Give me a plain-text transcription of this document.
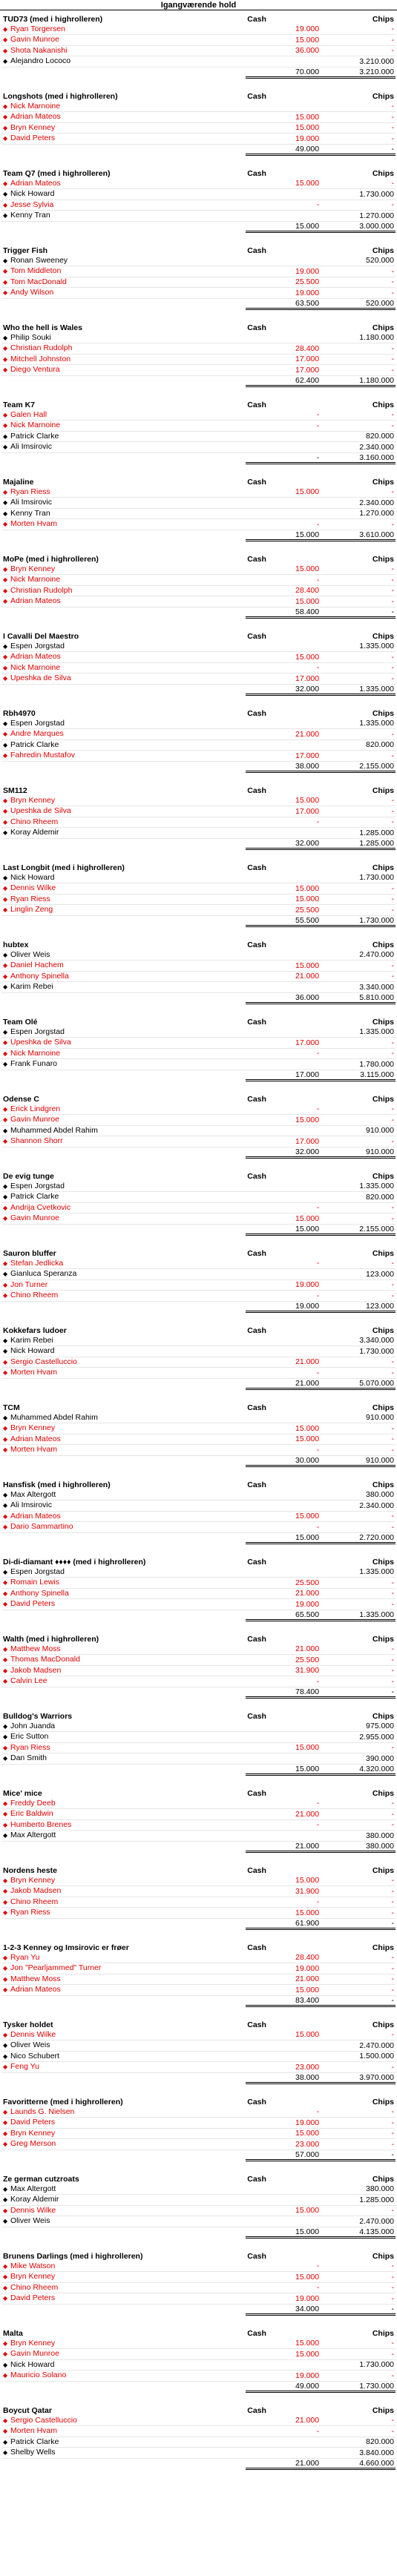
Igangværende hold
TUD73 (med i highrolleren)	Cash	Chips
◆ Ryan Torgersen	19.000	-
◆ Gavin Munroe	15.000	-
◆ Shota Nakanishi	36.000	-
◆ Alejandro Lococo		3.210.000
	70.000	3.210.000
Longshots (med i highrolleren)	Cash	Chips
◆ Nick Marnoine		-
◆ Adrian Mateos	15.000	-
◆ Bryn Kenney	15.000	-
◆ David Peters	19.000	-
	49.000	-
Team Q7 (med i highrolleren)	Cash	Chips
◆ Adrian Mateos	15.000	-
◆ Nick Howard		1.730.000
◆ Jesse Sylvia	-	-
◆ Kenny Tran		1.270.000
	15.000	3.000.000
Trigger Fish	Cash	Chips
◆ Ronan Sweeney		520.000
◆ Tom Middleton	19.000	-
◆ Tom MacDonald	25.500	-
◆ Andy Wilson	19.000	-
	63.500	520.000
Who the hell is Wales	Cash	Chips
◆ Philip Souki		1.180.000
◆ Christian Rudolph	28.400	-
◆ Mitchell Johnston	17.000	-
◆ Diego Ventura	17.000	-
	62.400	1.180.000
Team K7	Cash	Chips
◆ Galen Hall	-	-
◆ Nick Marnoine	-	-
◆ Patrick Clarke		820.000
◆ Ali Imsirovic		2.340.000
	-	3.160.000
Majaline	Cash	Chips
◆ Ryan Riess	15.000	-
◆ Ali Imsirovic		2.340.000
◆ Kenny Tran		1.270.000
◆ Morten Hvam	-	-
	15.000	3.610.000
MoPe (med i highrolleren)	Cash	Chips
◆ Bryn Kenney	15.000	-
◆ Nick Marnoine	-	-
◆ Christian Rudolph	28.400	-
◆ Adrian Mateos	15.000	-
	58.400	-
I Cavalli Del Maestro	Cash	Chips
◆ Espen Jorgstad		1.335.000
◆ Adrian Mateos	15.000	-
◆ Nick Marnoine	-	-
◆ Upeshka de Silva	17.000	-
	32.000	1.335.000
Rbh4970	Cash	Chips
◆ Espen Jorgstad		1.335.000
◆ Andre Marques	21.000	-
◆ Patrick Clarke		820.000
◆ Fahredin Mustafov	17.000	-
	38.000	2.155.000
SM112	Cash	Chips
◆ Bryn Kenney	15.000	-
◆ Upeshka de Silva	17.000	-
◆ Chino Rheem	-	-
◆ Koray Aldemir		1.285.000
	32.000	1.285.000
Last Longbit (med i highrolleren)	Cash	Chips
◆ Nick Howard		1.730.000
◆ Dennis Wilke	15.000	-
◆ Ryan Riess	15.000	-
◆ Linglin Zeng	25.500	-
	55.500	1.730.000
hubtex	Cash	Chips
◆ Oliver Weis		2.470.000
◆ Daniel Hachem	15.000	-
◆ Anthony Spinella	21.000	-
◆ Karim Rebei		3.340.000
	36.000	5.810.000
Team Olé	Cash	Chips
◆ Espen Jorgstad		1.335.000
◆ Upeshka de Silva	17.000	-
◆ Nick Marnoine	-	-
◆ Frank Funaro		1.780.000
	17.000	3.115.000
Odense C	Cash	Chips
◆ Erick Lindgren	-	-
◆ Gavin Munroe	15.000	-
◆ Muhammed Abdel Rahim		910.000
◆ Shannon Shorr	17.000	-
	32.000	910.000
De evig tunge	Cash	Chips
◆ Espen Jorgstad		1.335.000
◆ Patrick Clarke		820.000
◆ Andrija Cvetkovic	-	-
◆ Gavin Munroe	15.000	-
	15.000	2.155.000
Sauron bluffer	Cash	Chips
◆ Stefan Jedlicka	-	-
◆ Gianluca Speranza		123.000
◆ Jon Turner	19.000	-
◆ Chino Rheem	-	-
	19.000	123.000
Kokkefars ludoer	Cash	Chips
◆ Karim Rebei		3.340.000
◆ Nick Howard		1.730.000
◆ Sergio Castelluccio	21.000	-
◆ Morten Hvam	-	-
	21.000	5.070.000
TCM	Cash	Chips
◆ Muhammed Abdel Rahim		910.000
◆ Bryn Kenney	15.000	-
◆ Adrian Mateos	15.000	-
◆ Morten Hvam	-	-
	30.000	910.000
Hansfisk (med i highrolleren)	Cash	Chips
◆ Max Altergott		380.000
◆ Ali Imsirovic		2.340.000
◆ Adrian Mateos	15.000	-
◆ Dario Sammartino	-	-
	15.000	2.720.000
Di-di-diamant ♦♦♦♦ (med i highrolleren)	Cash	Chips
◆ Espen Jorgstad		1.335.000
◆ Romain Lewis	25.500	-
◆ Anthony Spinella	21.000	-
◆ David Peters	19.000	-
	65.500	1.335.000
Walth (med i highrolleren)	Cash	Chips
◆ Matthew Moss	21.000	-
◆ Thomas MacDonald	25.500	-
◆ Jakob Madsen	31.900	-
◆ Calvin Lee	-	-
	78.400	-
Bulldog's Warriors	Cash	Chips
◆ John Juanda		975.000
◆ Eric Sutton		2.955.000
◆ Ryan Riess	15.000	-
◆ Dan Smith		390.000
	15.000	4.320.000
Mice' mice	Cash	Chips
◆ Freddy Deeb	-	-
◆ Eric Baldwin	21.000	-
◆ Humberto Brenes	-	-
◆ Max Altergott		380.000
	21.000	380.000
Nordens heste	Cash	Chips
◆ Bryn Kenney	15.000	-
◆ Jakob Madsen	31.900	-
◆ Chino Rheem	-	-
◆ Ryan Riess	15.000	-
	61.900	-
1-2-3 Kenney og Imsirovic er frøer	Cash	Chips
◆ Ryan Yu	28.400	-
◆ Jon "Pearljammed" Turner	19.000	-
◆ Matthew Moss	21.000	-
◆ Adrian Mateos	15.000	-
	83.400	-
Tysker holdet	Cash	Chips
◆ Dennis Wilke	15.000	-
◆ Oliver Weis		2.470.000
◆ Nico Schubert		1.500.000
◆ Feng Yu	23.000	-
	38.000	3.970.000
Favoritterne (med i highrolleren)	Cash	Chips
◆ Launds G. Nielsen	-	-
◆ David Peters	19.000	-
◆ Bryn Kenney	15.000	-
◆ Greg Merson	23.000	-
	57.000	-
Ze german cutzroats	Cash	Chips
◆ Max Altergott		380.000
◆ Koray Aldemir		1.285.000
◆ Dennis Wilke	15.000	-
◆ Oliver Weis		2.470.000
	15.000	4.135.000
Brunens Darlings (med i highrolleren)	Cash	Chips
◆ Mike Watson	-	-
◆ Bryn Kenney	15.000	-
◆ Chino Rheem	-	-
◆ David Peters	19.000	-
	34.000	-
Malta	Cash	Chips
◆ Bryn Kenney	15.000	-
◆ Gavin Munroe	15.000	-
◆ Nick Howard		1.730.000
◆ Mauricio Solano	19.000	-
	49.000	1.730.000
Boycut Qatar	Cash	Chips
◆ Sergio Castelluccio	21.000	-
◆ Morten Hvam	-	-
◆ Patrick Clarke		820.000
◆ Shelby Wells		3.840.000
	21.000	4.660.000
